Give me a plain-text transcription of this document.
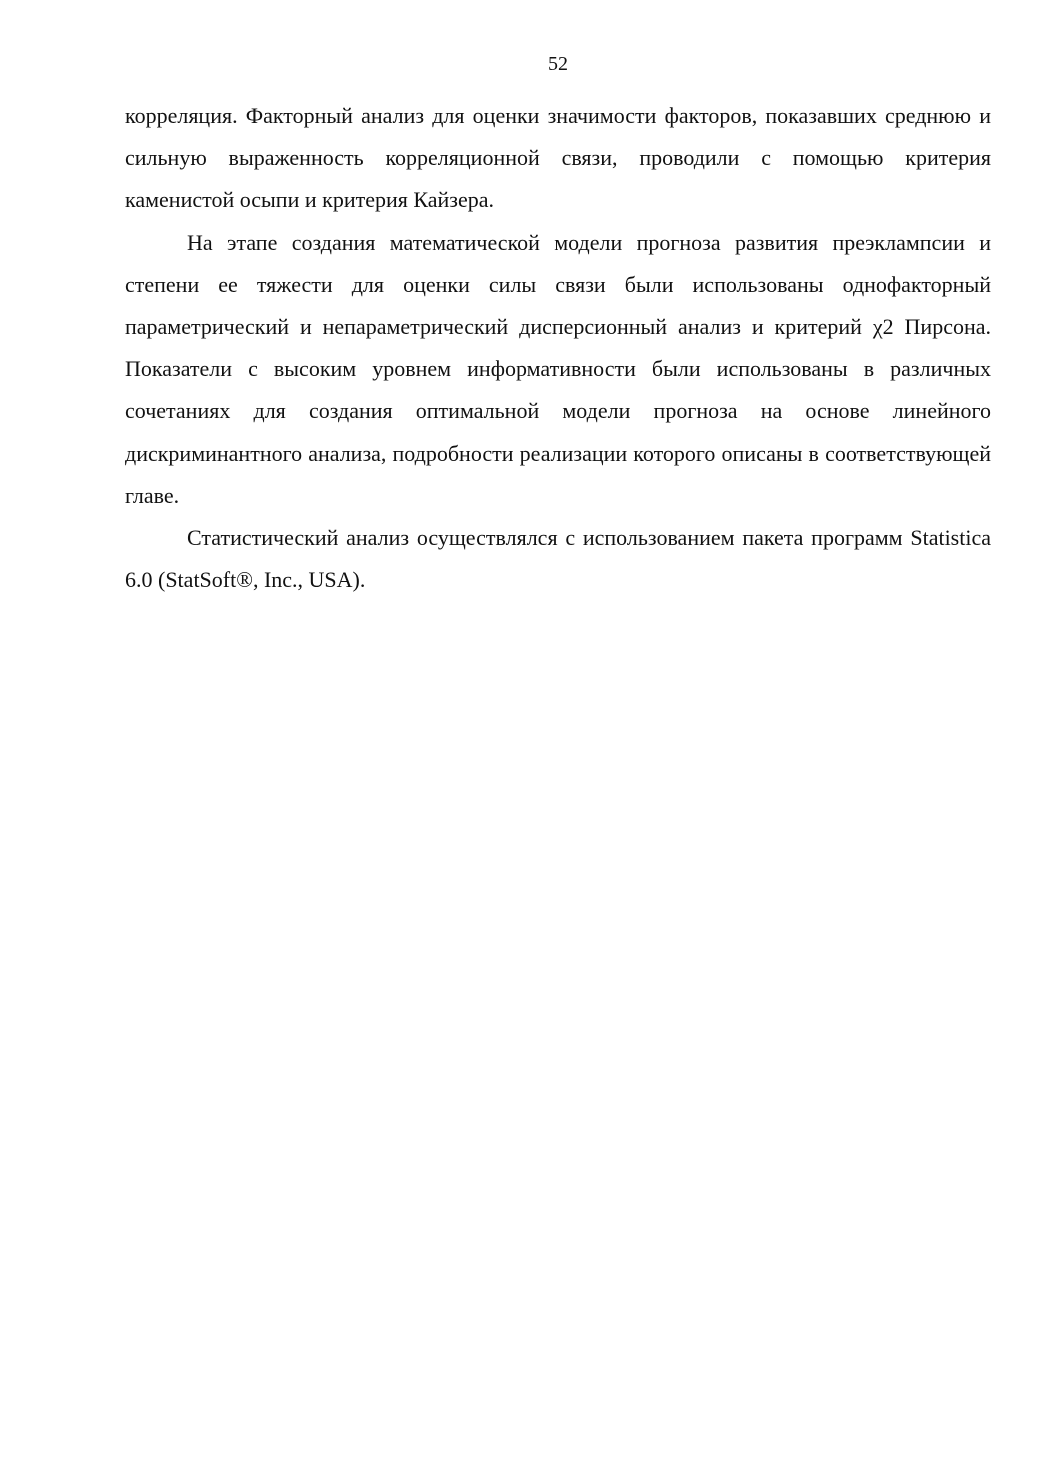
52

корреляция. Факторный анализ для оценки значимости факторов, показавших среднюю и сильную выраженность корреляционной связи, проводили с помощью критерия каменистой осыпи и критерия Кайзера.

На этапе создания математической модели прогноза развития преэклампсии и степени ее тяжести для оценки силы связи были использованы однофакторный параметрический и непараметрический дисперсионный анализ и критерий χ2 Пирсона. Показатели с высоким уровнем информативности были использованы в различных сочетаниях для создания оптимальной модели прогноза на основе линейного дискриминантного анализа, подробности реализации которого описаны в соответствующей главе.

Статистический анализ осуществлялся с использованием пакета программ Statistica 6.0 (StatSoft®, Inc., USA).
